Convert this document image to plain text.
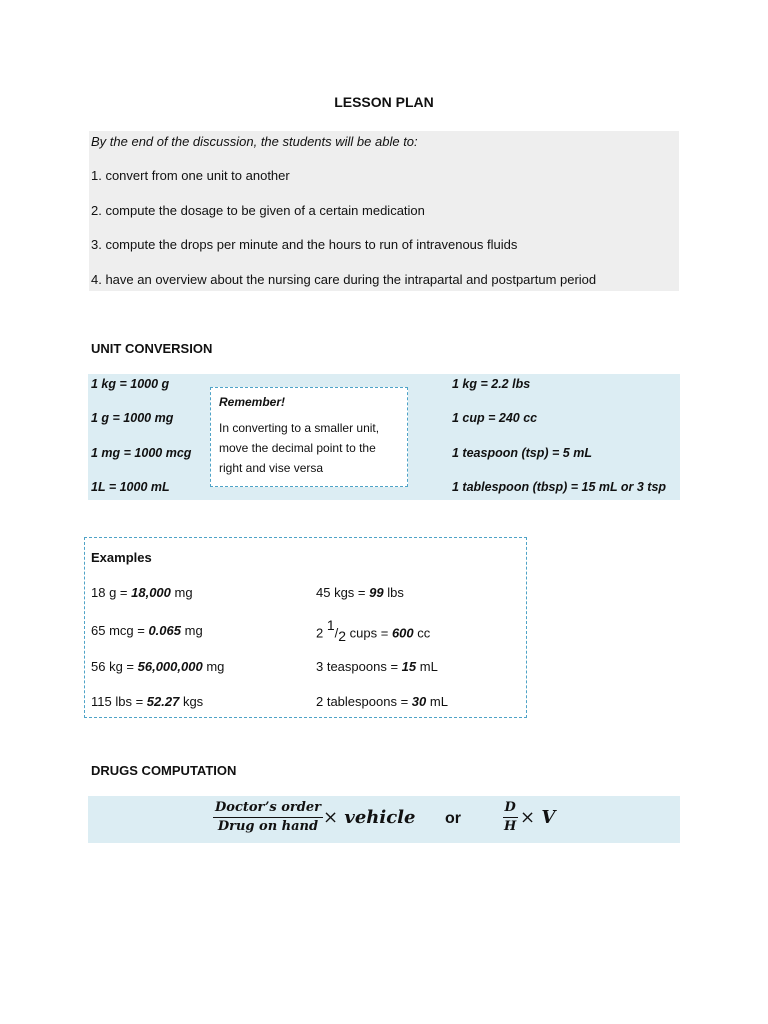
LESSON PLAN
By the end of the discussion, the students will be able to:
1. convert from one unit to another
2. compute the dosage to be given of a certain medication
3. compute the drops per minute and the hours to run of intravenous fluids
4. have an overview about the nursing care during the intrapartal and postpartum period
UNIT CONVERSION
1 kg = 1000 g
1 g = 1000 mg
1 mg = 1000 mcg
1L = 1000 mL
1 kg = 2.2 lbs
1 cup = 240 cc
1 teaspoon (tsp) = 5 mL
1 tablespoon (tbsp) = 15 mL or 3 tsp
Remember!
In converting to a smaller unit, move the decimal point to the right and vise versa
Examples
18 g = 18,000 mg
65 mcg = 0.065 mg
56 kg = 56,000,000 mg
115 lbs = 52.27 kgs
45 kgs = 99 lbs
2 $^1/_2$ cups = 600 cc
3 teaspoons = 15 mL
2 tablespoons = 30 mL
DRUGS COMPUTATION
Doctor’s order
Drug on hand × vehicle or	$\frac{D}{H} \times V$
